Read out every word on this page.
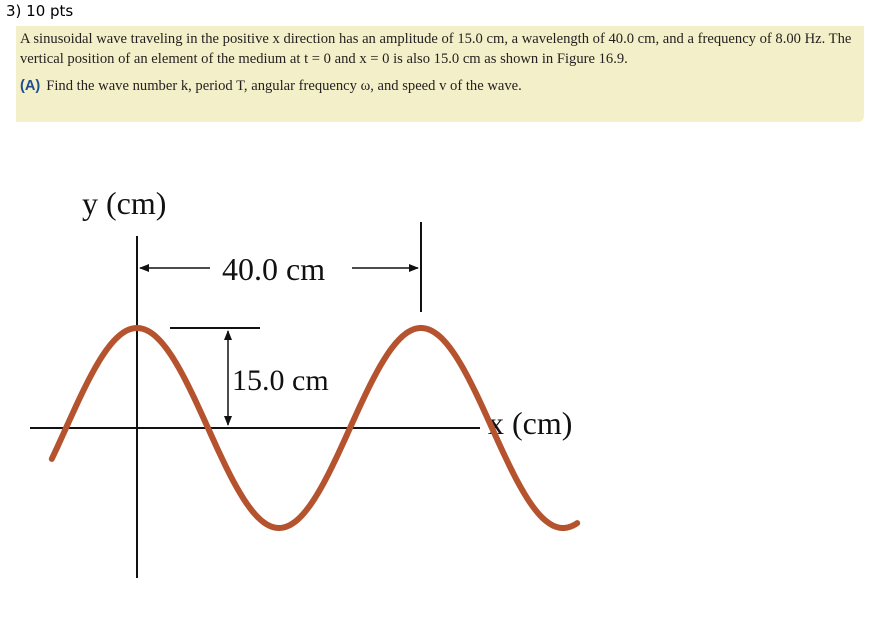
3) 10 pts

A sinusoidal wave traveling in the positive x direction has an amplitude of 15.0 cm, a wavelength of 40.0 cm, and a frequency of 8.00 Hz. The vertical position of an element of the medium at t = 0 and x = 0 is also 15.0 cm as shown in Figure 16.9.

(A) Find the wave number k, period T, angular frequency ω, and speed v of the wave.

y (cm)
x (cm)
40.0 cm
15.0 cm
